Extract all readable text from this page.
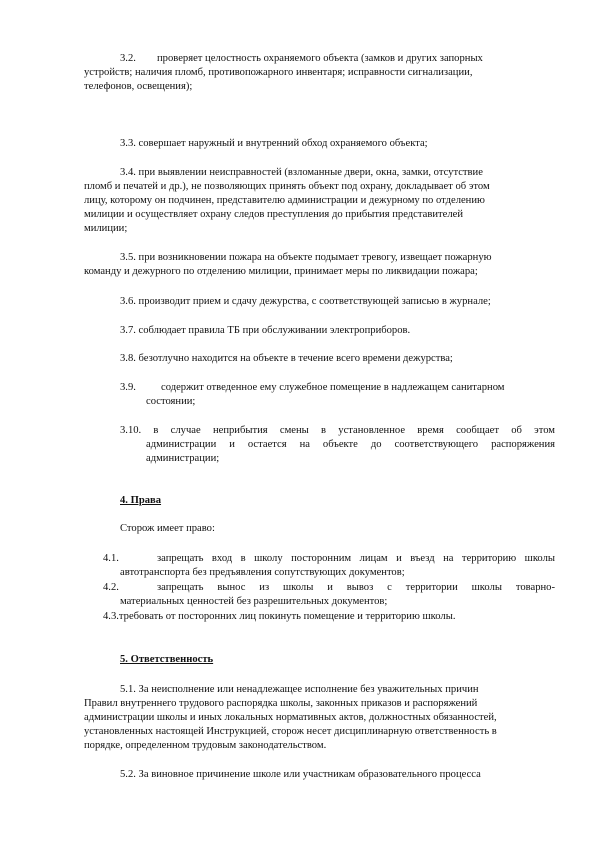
3.2. проверяет целостность охраняемого объекта (замков и других запорных
устройств; наличия пломб, противопожарного инвентаря; исправности сигнализации,
телефонов, освещения);
3.3. совершает наружный и внутренний обход охраняемого объекта;
3.4. при выявлении неисправностей (взломанные двери, окна, замки, отсутствие
пломб и печатей и др.), не позволяющих принять объект под охрану, докладывает об этом
лицу, которому он подчинен, представителю администрации и дежурному по отделению
милиции и осуществляет охрану следов преступления до прибытия представителей
милиции;
3.5. при возникновении пожара на объекте подымает тревогу, извещает пожарную
команду и дежурного по отделению милиции, принимает меры по ликвидации пожара;
3.6. производит прием и сдачу дежурства, с соответствующей записью в журнале;
3.7. соблюдает правила ТБ при обслуживании электроприборов.
3.8. безотлучно находится на объекте в течение всего времени дежурства;
3.9. содержит отведенное ему служебное помещение в надлежащем санитарном
состоянии;
3.10. в случае неприбытия смены в установленное время сообщает об этом
администрации и остается на объекте до соответствующего распоряжения
администрации;
4. Права
Сторож имеет право:
4.1.	запрещать вход в школу посторонним лицам и въезд на территорию школы
автотранспорта без предъявления сопутствующих документов;
4.2.	запрещать вынос из школы и вывоз с территории школы товарно-
материальных ценностей без разрешительных документов;
4.3.требовать от посторонних лиц покинуть помещение и территорию школы.
5. Ответственность
5.1. За неисполнение или ненадлежащее исполнение без уважительных причин
Правил внутреннего трудового распорядка школы, законных приказов и распоряжений
администрации школы и иных локальных нормативных актов, должностных обязанностей,
установленных настоящей Инструкцией, сторож несет дисциплинарную ответственность в
порядке, определенном трудовым законодательством.
5.2. За виновное причинение школе или участникам образовательного процесса
